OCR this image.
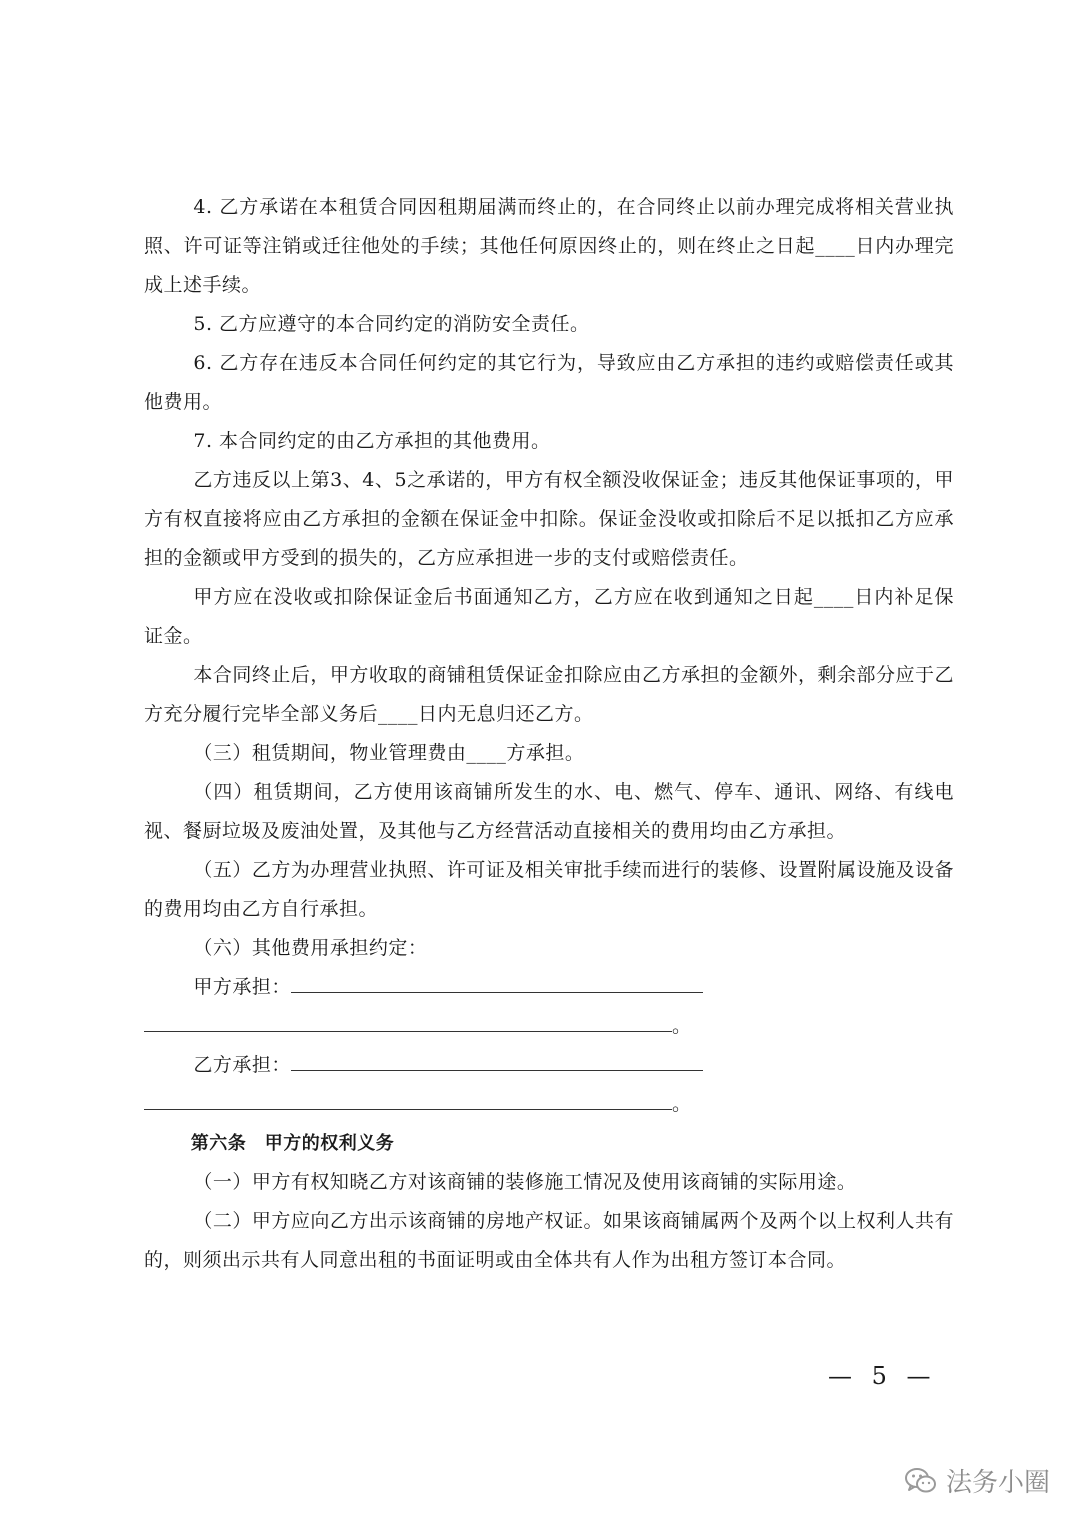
4. 乙方承诺在本租赁合同因租期届满而终止的，在合同终止以前办理完成将相关营业执照、许可证等注销或迁往他处的手续；其他任何原因终止的，则在终止之日起____日内办理完成上述手续。

5. 乙方应遵守的本合同约定的消防安全责任。

6. 乙方存在违反本合同任何约定的其它行为，导致应由乙方承担的违约或赔偿责任或其他费用。

7. 本合同约定的由乙方承担的其他费用。

乙方违反以上第3、4、5之承诺的，甲方有权全额没收保证金；违反其他保证事项的，甲方有权直接将应由乙方承担的金额在保证金中扣除。保证金没收或扣除后不足以抵扣乙方应承担的金额或甲方受到的损失的，乙方应承担进一步的支付或赔偿责任。

甲方应在没收或扣除保证金后书面通知乙方，乙方应在收到通知之日起____日内补足保证金。

本合同终止后，甲方收取的商铺租赁保证金扣除应由乙方承担的金额外，剩余部分应于乙方充分履行完毕全部义务后____日内无息归还乙方。

（三）租赁期间，物业管理费由____方承担。

（四）租赁期间，乙方使用该商铺所发生的水、电、燃气、停车、通讯、网络、有线电视、餐厨垃圾及废油处置，及其他与乙方经营活动直接相关的费用均由乙方承担。

（五）乙方为办理营业执照、许可证及相关审批手续而进行的装修、设置附属设施及设备的费用均由乙方自行承担。

（六）其他费用承担约定：

甲方承担：

。

乙方承担：

。

第六条　甲方的权利义务

（一）甲方有权知晓乙方对该商铺的装修施工情况及使用该商铺的实际用途。

（二）甲方应向乙方出示该商铺的房地产权证。如果该商铺属两个及两个以上权利人共有的，则须出示共有人同意出租的书面证明或由全体共有人作为出租方签订本合同。

— 5 —
法务小圈
